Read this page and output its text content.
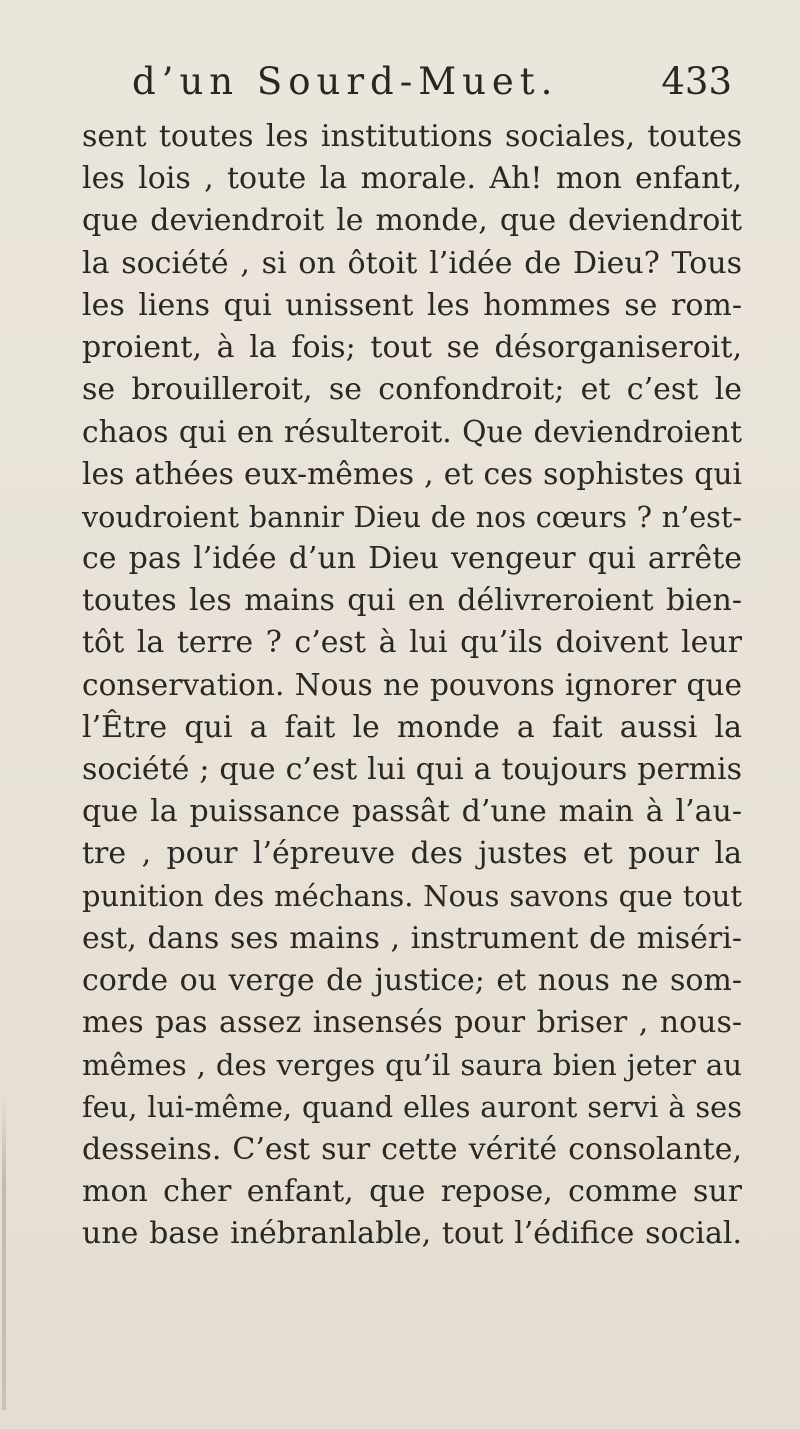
d’un Sourd-Muet.	433
sent toutes les institutions sociales, toutes
les lois , toute la morale. Ah! mon enfant,
que deviendroit le monde, que deviendroit
la société , si on ôtoit l’idée de Dieu? Tous
les liens qui unissent les hommes se rom-
proient, à la fois; tout se désorganiseroit,
se brouilleroit, se confondroit; et c’est le
chaos qui en résulteroit. Que deviendroient
les athées eux-mêmes , et ces sophistes qui
voudroient bannir Dieu de nos cœurs ? n’est-
ce pas l’idée d’un Dieu vengeur qui arrête
toutes les mains qui en délivreroient bien-
tôt la terre ? c’est à lui qu’ils doivent leur
conservation. Nous ne pouvons ignorer que
l’Être qui a fait le monde a fait aussi la
société ; que c’est lui qui a toujours permis
que la puissance passât d’une main à l’au-
tre , pour l’épreuve des justes et pour la
punition des méchans. Nous savons que tout
est, dans ses mains , instrument de miséri-
corde ou verge de justice; et nous ne som-
mes pas assez insensés pour briser , nous-
mêmes , des verges qu’il saura bien jeter au
feu, lui-même, quand elles auront servi à ses
desseins. C’est sur cette vérité consolante,
mon cher enfant, que repose, comme sur
une base inébranlable, tout l’édifice social.
